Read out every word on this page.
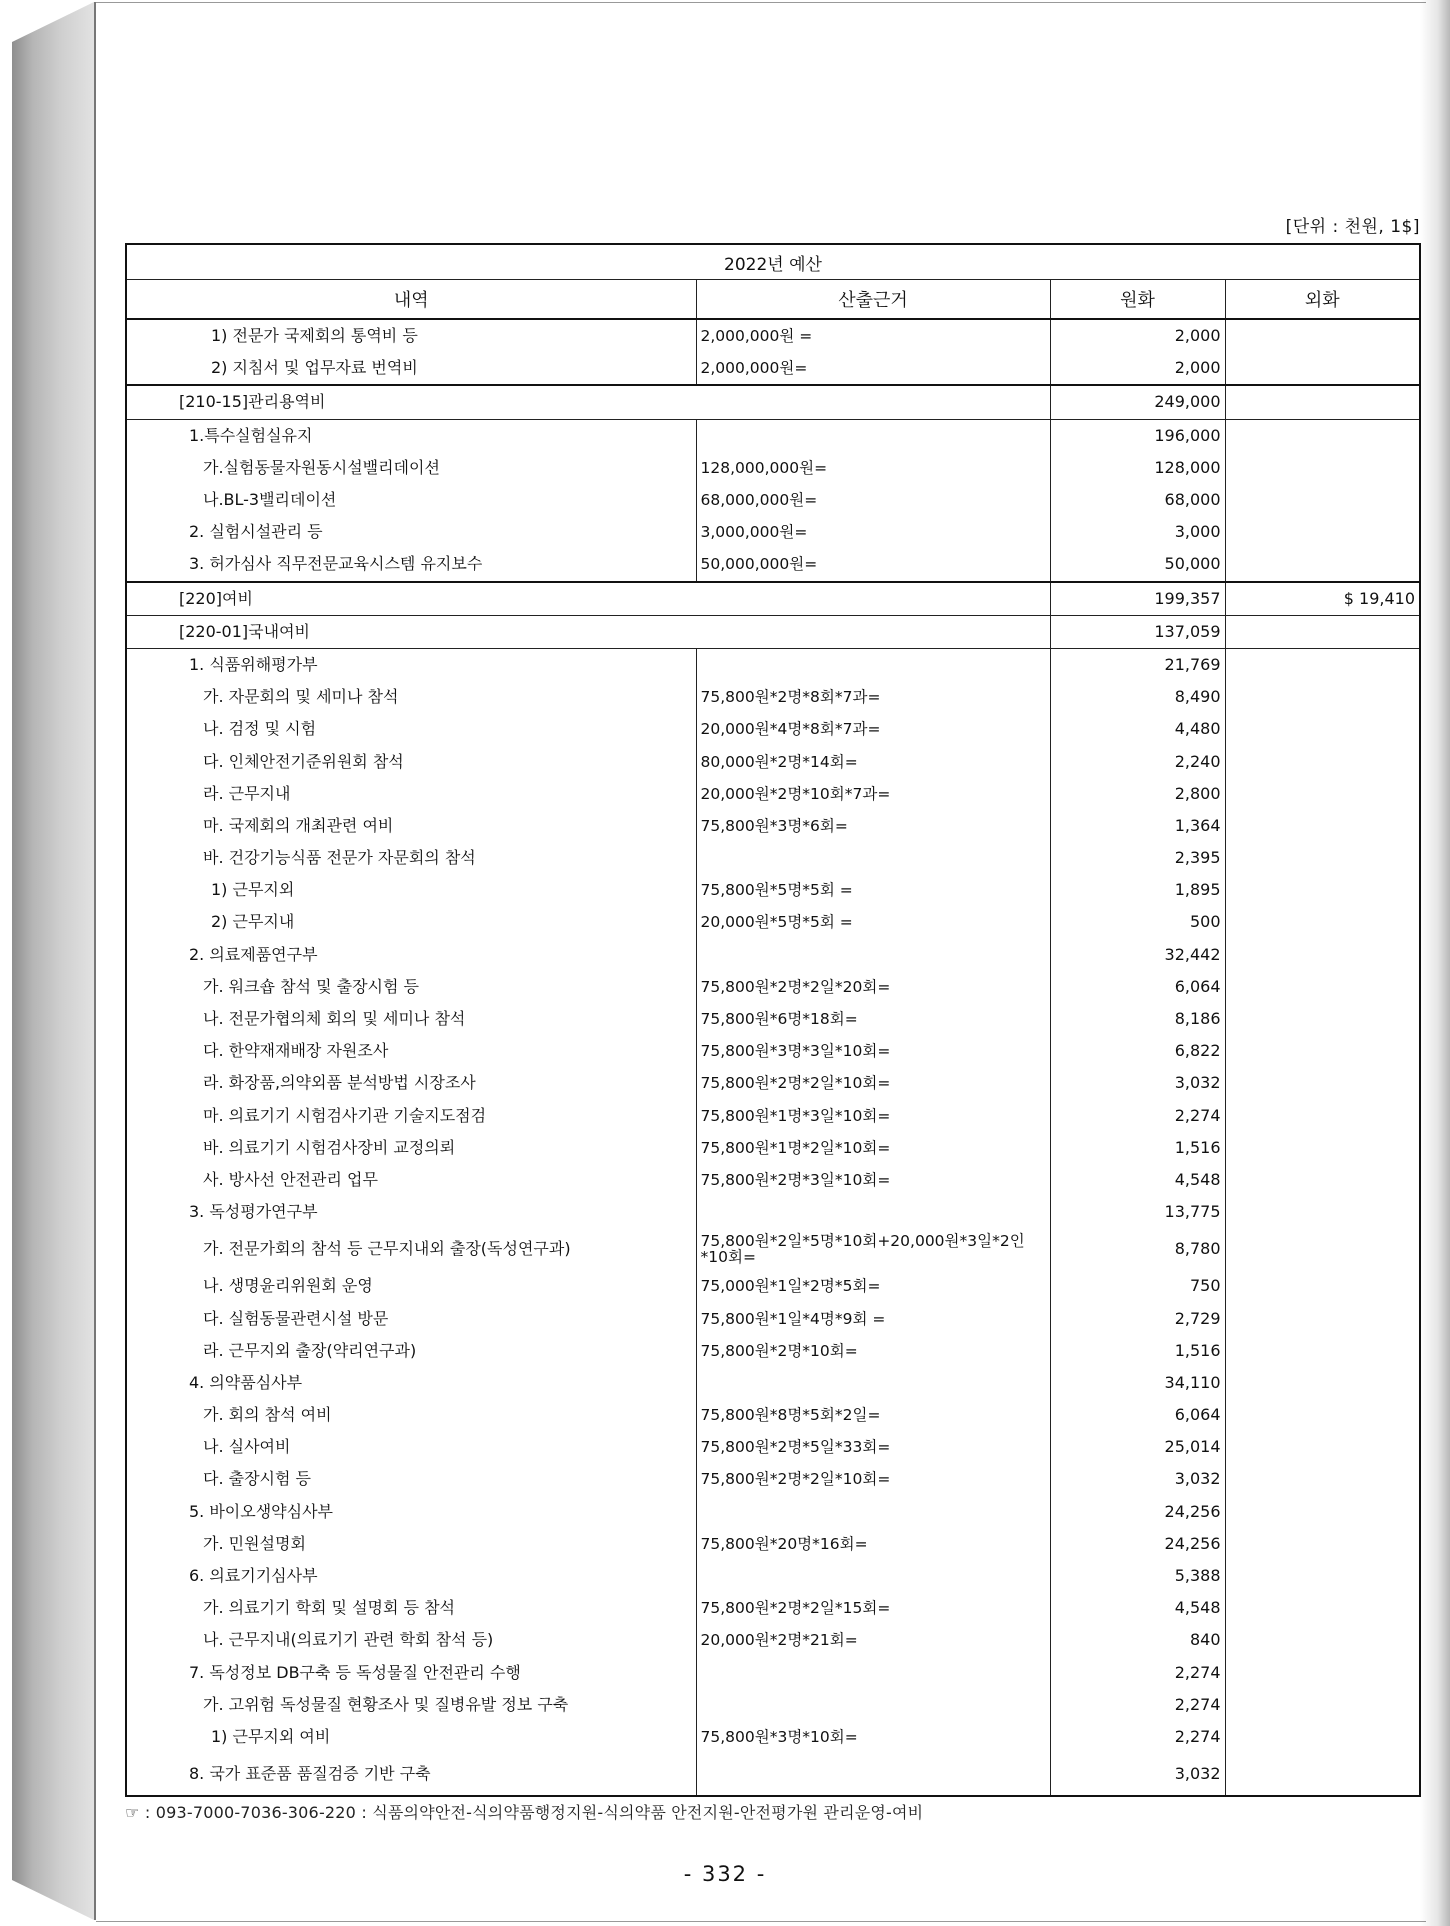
[단위 : 천원, 1$]
2022년 예산			
내역	산출근거	원화	외화
1) 전문가 국제회의 통역비 등	2,000,000원 =	2,000	
2) 지침서 및 업무자료 번역비	2,000,000원=	2,000	
[210-15]관리용역비		249,000	
1.특수실험실유지		196,000	
가.실험동물자원동시설밸리데이션	128,000,000원=	128,000	
나.BL-3밸리데이션	68,000,000원=	68,000	
2. 실험시설관리 등	3,000,000원=	3,000	
3. 허가심사 직무전문교육시스템 유지보수	50,000,000원=	50,000	
[220]여비		199,357	$ 19,410
[220-01]국내여비		137,059	
1. 식품위해평가부		21,769	
가. 자문회의 및 세미나 참석	75,800원*2명*8회*7과=	8,490	
나. 검정 및 시험	20,000원*4명*8회*7과=	4,480	
다. 인체안전기준위원회 참석	80,000원*2명*14회=	2,240	
라. 근무지내	20,000원*2명*10회*7과=	2,800	
마. 국제회의 개최관련 여비	75,800원*3명*6회=	1,364	
바. 건강기능식품 전문가 자문회의 참석		2,395	
1) 근무지외	75,800원*5명*5회 =	1,895	
2) 근무지내	20,000원*5명*5회 =	500	
2. 의료제품연구부		32,442	
가. 워크숍 참석 및 출장시험 등	75,800원*2명*2일*20회=	6,064	
나. 전문가협의체 회의 및 세미나 참석	75,800원*6명*18회=	8,186	
다. 한약재재배장 자원조사	75,800원*3명*3일*10회=	6,822	
라. 화장품,의약외품 분석방법 시장조사	75,800원*2명*2일*10회=	3,032	
마. 의료기기 시험검사기관 기술지도점검	75,800원*1명*3일*10회=	2,274	
바. 의료기기 시험검사장비 교정의뢰	75,800원*1명*2일*10회=	1,516	
사. 방사선 안전관리 업무	75,800원*2명*3일*10회=	4,548	
3. 독성평가연구부		13,775	
가. 전문가회의 참석 등 근무지내외 출장(독성연구과)	75,800원*2일*5명*10회+20,000원*3일*2인*10회=	8,780	
나. 생명윤리위원회 운영	75,000원*1일*2명*5회=	750	
다. 실험동물관련시설 방문	75,800원*1일*4명*9회 =	2,729	
라. 근무지외 출장(약리연구과)	75,800원*2명*10회=	1,516	
4. 의약품심사부		34,110	
가. 회의 참석 여비	75,800원*8명*5회*2일=	6,064	
나. 실사여비	75,800원*2명*5일*33회=	25,014	
다. 출장시험 등	75,800원*2명*2일*10회=	3,032	
5. 바이오생약심사부		24,256	
가. 민원설명회	75,800원*20명*16회=	24,256	
6. 의료기기심사부		5,388	
가. 의료기기 학회 및 설명회 등 참석	75,800원*2명*2일*15회=	4,548	
나. 근무지내(의료기기 관련 학회 참석 등)	20,000원*2명*21회=	840	
7. 독성정보 DB구축 등 독성물질 안전관리 수행		2,274	
가. 고위험 독성물질 현황조사 및 질병유발 정보 구축		2,274	
1) 근무지외 여비	75,800원*3명*10회=	2,274	
8. 국가 표준품 품질검증 기반 구축		3,032	
☞ : 093-7000-7036-306-220 : 식품의약안전-식의약품행정지원-식의약품 안전지원-안전평가원 관리운영-여비
- 332 -
